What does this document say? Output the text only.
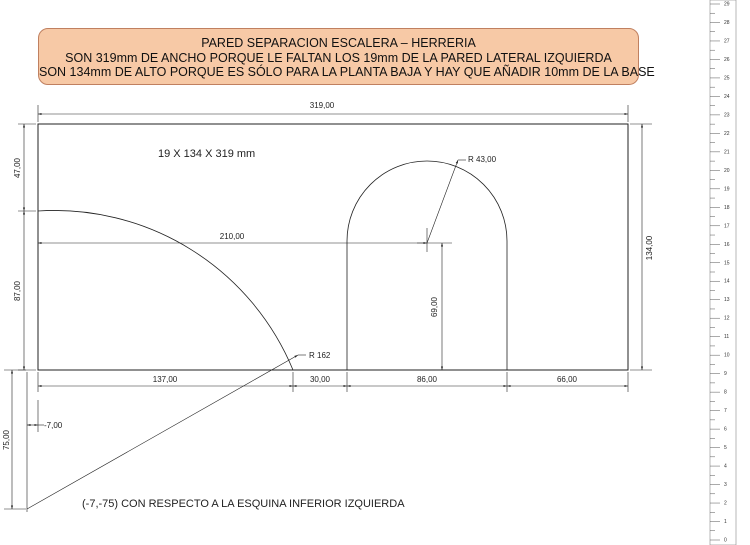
PARED SEPARACION ESCALERA – HERRERIA
SON 319mm DE ANCHO PORQUE LE FALTAN LOS 19mm DE LA PARED LATERAL IZQUIERDA
SON 134mm DE ALTO PORQUE ES SÓLO PARA LA PLANTA BAJA Y HAY QUE AÑADIR 10mm DE LA BASE
319,00
134,00
47,00
87,00
210,00
69,00
R 43,00
R 162
137,00	30,00	86,00	66,00
-7,00
75,00
19 X 134 X 319 mm
(-7,-75) CON RESPECTO A LA ESQUINA INFERIOR IZQUIERDA
0
1
2
3
4
5
6
7
8
9
10
11
12
13
14
15
16
17
18
19
20
21
22
23
24
25
26
27
28
29
